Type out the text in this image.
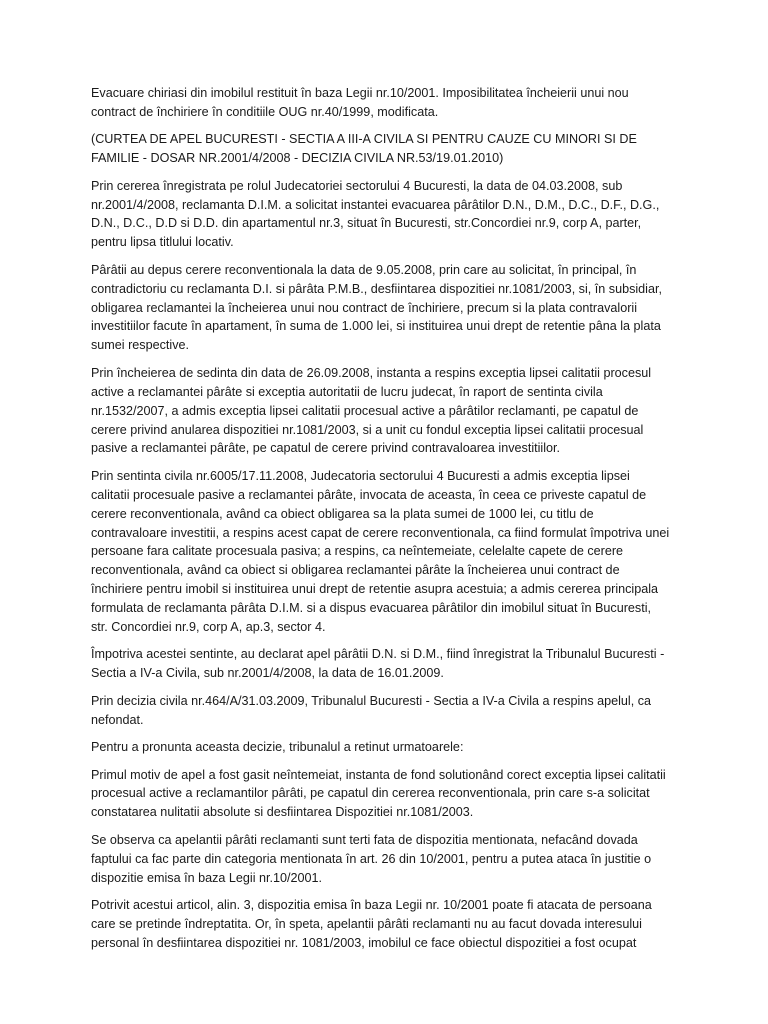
Evacuare chiriasi din imobilul restituit în baza Legii nr.10/2001. Imposibilitatea încheierii unui nou contract de închiriere în conditiile OUG nr.40/1999, modificata.

(CURTEA DE APEL BUCURESTI - SECTIA A III-A CIVILA SI PENTRU CAUZE CU MINORI SI DE FAMILIE - DOSAR NR.2001/4/2008 - DECIZIA CIVILA NR.53/19.01.2010)

Prin cererea înregistrata pe rolul Judecatoriei sectorului 4 Bucuresti, la data de 04.03.2008, sub nr.2001/4/2008, reclamanta D.I.M. a solicitat instantei evacuarea pârâtilor D.N., D.M., D.C., D.F., D.G., D.N., D.C., D.D si D.D. din apartamentul nr.3, situat în Bucuresti, str.Concordiei nr.9, corp A, parter, pentru lipsa titlului locativ.

Pârâtii au depus cerere reconventionala la data de 9.05.2008, prin care au solicitat, în principal, în contradictoriu cu reclamanta D.I. si pârâta P.M.B., desfiintarea dispozitiei nr.1081/2003, si, în subsidiar, obligarea reclamantei la încheierea unui nou contract de închiriere, precum si la plata contravalorii investitiilor facute în apartament, în suma de 1.000 lei, si instituirea unui drept de retentie pâna la plata sumei respective.

Prin încheierea de sedinta din data de 26.09.2008, instanta a respins exceptia lipsei calitatii procesul active a reclamantei pârâte si exceptia autoritatii de lucru judecat, în raport de sentinta civila nr.1532/2007, a admis exceptia lipsei calitatii procesual active a pârâtilor reclamanti, pe capatul de cerere privind anularea dispozitiei nr.1081/2003, si a unit cu fondul exceptia lipsei calitatii procesual pasive a reclamantei pârâte, pe capatul de cerere privind contravaloarea investitiilor.

Prin sentinta civila nr.6005/17.11.2008, Judecatoria sectorului 4 Bucuresti a admis exceptia lipsei calitatii procesuale pasive a reclamantei pârâte, invocata de aceasta, în ceea ce priveste capatul de cerere reconventionala, având ca obiect obligarea sa la plata sumei de 1000 lei, cu titlu de contravaloare investitii, a respins acest capat de cerere reconventionala, ca fiind formulat împotriva unei persoane fara calitate procesuala pasiva; a respins, ca neîntemeiate, celelalte capete de cerere reconventionala, având ca obiect si obligarea reclamantei pârâte la încheierea unui contract de închiriere pentru imobil si instituirea unui drept de retentie asupra acestuia; a admis cererea principala formulata de reclamanta pârâta D.I.M. si a dispus evacuarea pârâtilor din imobilul situat în Bucuresti, str. Concordiei nr.9, corp A, ap.3, sector 4.

Împotriva acestei sentinte, au declarat apel pârâtii D.N. si D.M., fiind înregistrat la Tribunalul Bucuresti - Sectia a IV-a Civila, sub nr.2001/4/2008, la data de 16.01.2009.

Prin decizia civila nr.464/A/31.03.2009, Tribunalul Bucuresti - Sectia a IV-a Civila a respins apelul, ca nefondat.

Pentru a pronunta aceasta decizie, tribunalul a retinut urmatoarele:

Primul motiv de apel a fost gasit neîntemeiat, instanta de fond solutionând corect exceptia lipsei calitatii procesual active a reclamantilor pârâti, pe capatul din cererea reconventionala, prin care s-a solicitat constatarea nulitatii absolute si desfiintarea Dispozitiei nr.1081/2003.

Se observa ca apelantii pârâti reclamanti sunt terti fata de dispozitia mentionata, nefacând dovada faptului ca fac parte din categoria mentionata în art. 26 din 10/2001, pentru a putea ataca în justitie o dispozitie emisa în baza Legii nr.10/2001.

Potrivit acestui articol, alin. 3, dispozitia emisa în baza Legii nr. 10/2001 poate fi atacata de persoana care se pretinde îndreptatita. Or, în speta, apelantii pârâti reclamanti nu au facut dovada interesului personal în desfiintarea dispozitiei nr. 1081/2003, imobilul ce face obiectul dispozitiei a fost ocupat
